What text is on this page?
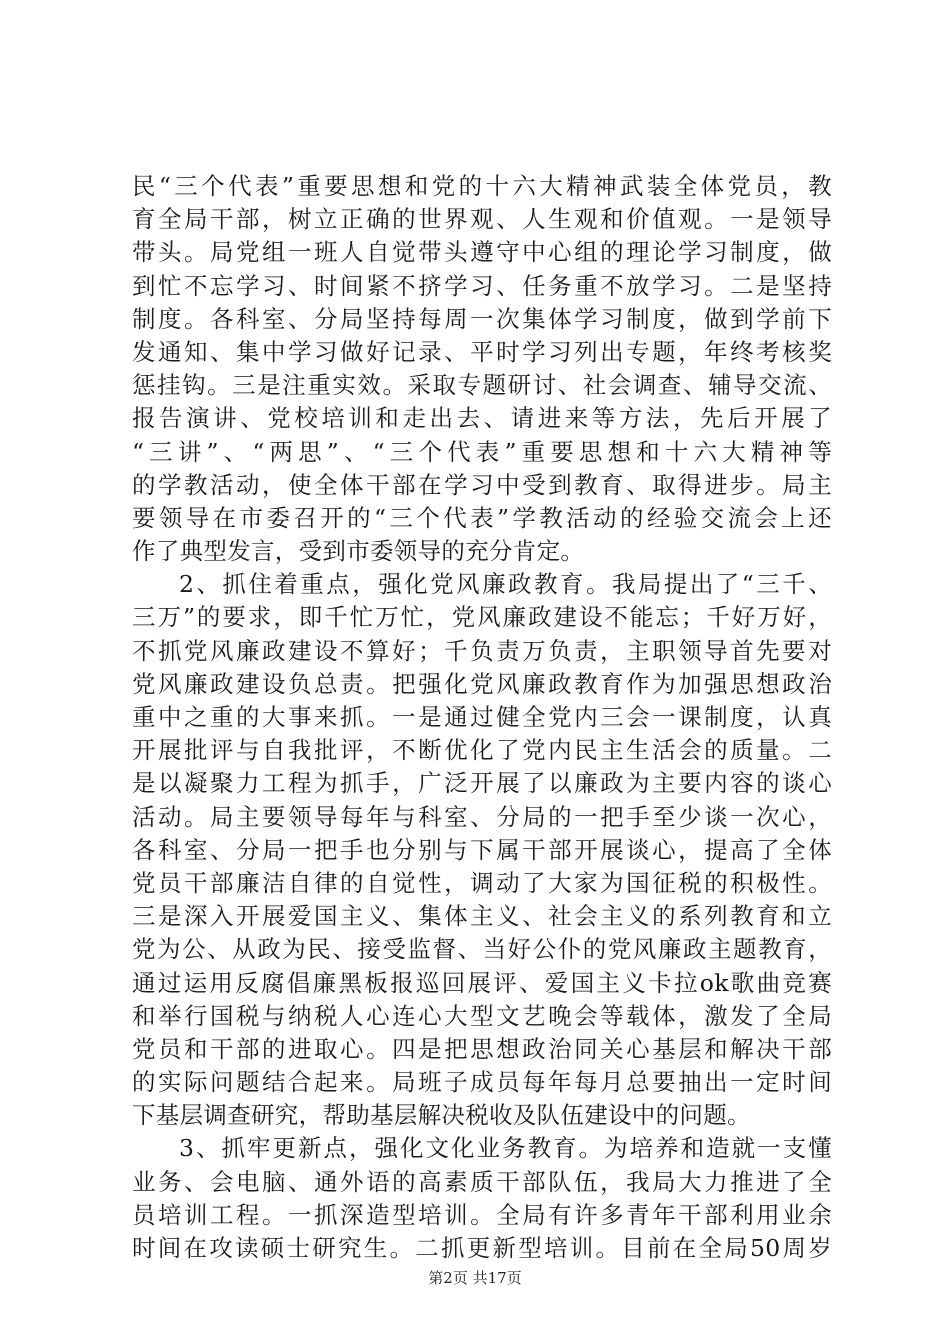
民“三个代表”重要思想和党的十六大精神武装全体党员，教
育全局干部，树立正确的世界观、人生观和价值观。一是领导
带头。局党组一班人自觉带头遵守中心组的理论学习制度，做
到忙不忘学习、时间紧不挤学习、任务重不放学习。二是坚持
制度。各科室、分局坚持每周一次集体学习制度，做到学前下
发通知、集中学习做好记录、平时学习列出专题，年终考核奖
惩挂钩。三是注重实效。采取专题研讨、社会调查、辅导交流、
报告演讲、党校培训和走出去、请进来等方法，先后开展了
“三讲”、“两思”、“三个代表”重要思想和十六大精神等
的学教活动，使全体干部在学习中受到教育、取得进步。局主
要领导在市委召开的“三个代表”学教活动的经验交流会上还
作了典型发言，受到市委领导的充分肯定。
2、抓住着重点，强化党风廉政教育。我局提出了“三千、
三万”的要求，即千忙万忙，党风廉政建设不能忘；千好万好，
不抓党风廉政建设不算好；千负责万负责，主职领导首先要对
党风廉政建设负总责。把强化党风廉政教育作为加强思想政治
重中之重的大事来抓。一是通过健全党内三会一课制度，认真
开展批评与自我批评，不断优化了党内民主生活会的质量。二
是以凝聚力工程为抓手，广泛开展了以廉政为主要内容的谈心
活动。局主要领导每年与科室、分局的一把手至少谈一次心，
各科室、分局一把手也分别与下属干部开展谈心，提高了全体
党员干部廉洁自律的自觉性，调动了大家为国征税的积极性。
三是深入开展爱国主义、集体主义、社会主义的系列教育和立
党为公、从政为民、接受监督、当好公仆的党风廉政主题教育，
通过运用反腐倡廉黑板报巡回展评、爱国主义卡拉ok歌曲竞赛
和举行国税与纳税人心连心大型文艺晚会等载体，激发了全局
党员和干部的进取心。四是把思想政治同关心基层和解决干部
的实际问题结合起来。局班子成员每年每月总要抽出一定时间
下基层调查研究，帮助基层解决税收及队伍建设中的问题。
3、抓牢更新点，强化文化业务教育。为培养和造就一支懂
业务、会电脑、通外语的高素质干部队伍，我局大力推进了全
员培训工程。一抓深造型培训。全局有许多青年干部利用业余
时间在攻读硕士研究生。二抓更新型培训。目前在全局50周岁
第2页 共17页
